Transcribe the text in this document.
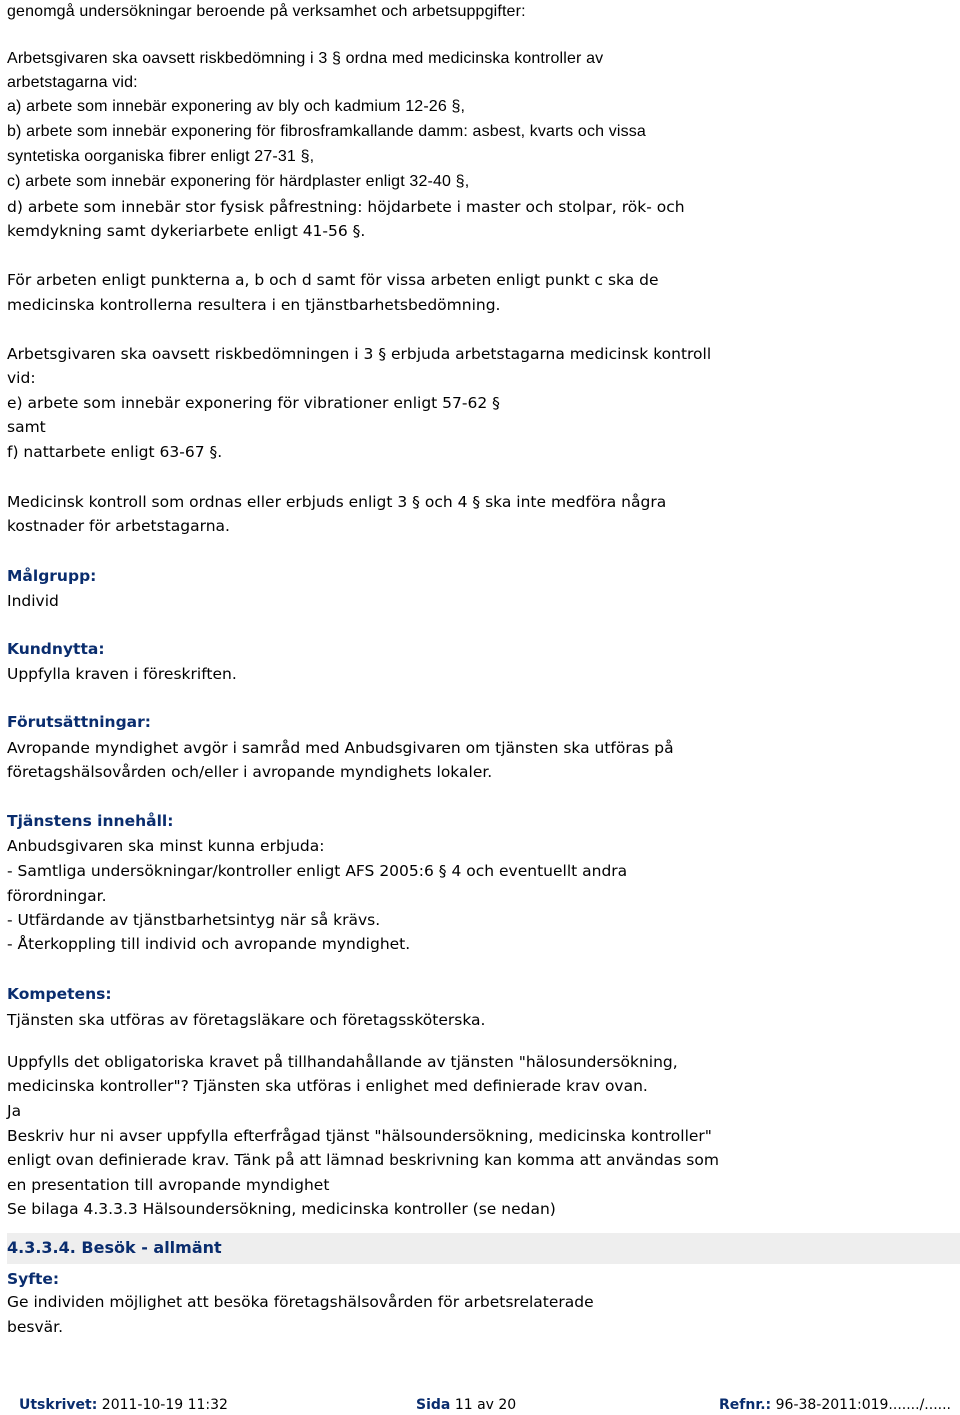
genomgå undersökningar beroende på verksamhet och arbetsuppgifter:

Arbetsgivaren ska oavsett riskbedömning i 3 § ordna med medicinska kontroller av

arbetstagarna vid:

a) arbete som innebär exponering av bly och kadmium 12-26 §,

b) arbete som innebär exponering för fibrosframkallande damm: asbest, kvarts och vissa

syntetiska oorganiska fibrer enligt 27-31 §,

c) arbete som innebär exponering för härdplaster enligt 32-40 §,

d) arbete som innebär stor fysisk påfrestning: höjdarbete i master och stolpar, rök- och

kemdykning samt dykeriarbete enligt 41-56 §.

För arbeten enligt punkterna a, b och d samt för vissa arbeten enligt punkt c ska de

medicinska kontrollerna resultera i en tjänstbarhetsbedömning.

Arbetsgivaren ska oavsett riskbedömningen i 3 § erbjuda arbetstagarna medicinsk kontroll

vid:

e) arbete som innebär exponering för vibrationer enligt 57-62 §

samt

f) nattarbete enligt 63-67 §.

Medicinsk kontroll som ordnas eller erbjuds enligt 3 § och 4 § ska inte medföra några

kostnader för arbetstagarna.

Målgrupp:

Individ

Kundnytta:

Uppfylla kraven i föreskriften.

Förutsättningar:

Avropande myndighet avgör i samråd med Anbudsgivaren om tjänsten ska utföras på

företagshälsovården och/eller i avropande myndighets lokaler.

Tjänstens innehåll:

Anbudsgivaren ska minst kunna erbjuda:

- Samtliga undersökningar/kontroller enligt AFS 2005:6 § 4 och eventuellt andra

förordningar.

- Utfärdande av tjänstbarhetsintyg när så krävs.

- Återkoppling till individ och avropande myndighet.

Kompetens:

Tjänsten ska utföras av företagsläkare och företagssköterska.

Uppfylls det obligatoriska kravet på tillhandahållande av tjänsten "hälosundersökning,

medicinska kontroller"? Tjänsten ska utföras i enlighet med definierade krav ovan.

Ja

Beskriv hur ni avser uppfylla efterfrågad tjänst "hälsoundersökning, medicinska kontroller"

enligt ovan definierade krav. Tänk på att lämnad beskrivning kan komma att användas som

en presentation till avropande myndighet

Se bilaga 4.3.3.3 Hälsoundersökning, medicinska kontroller (se nedan)

4.3.3.4. Besök - allmänt

Syfte:

Ge individen möjlighet att besöka företagshälsovården för arbetsrelaterade

besvär.

Utskrivet: 2011-10-19 11:32	Sida 11 av 20	Refnr.: 96-38-2011:019......./......
